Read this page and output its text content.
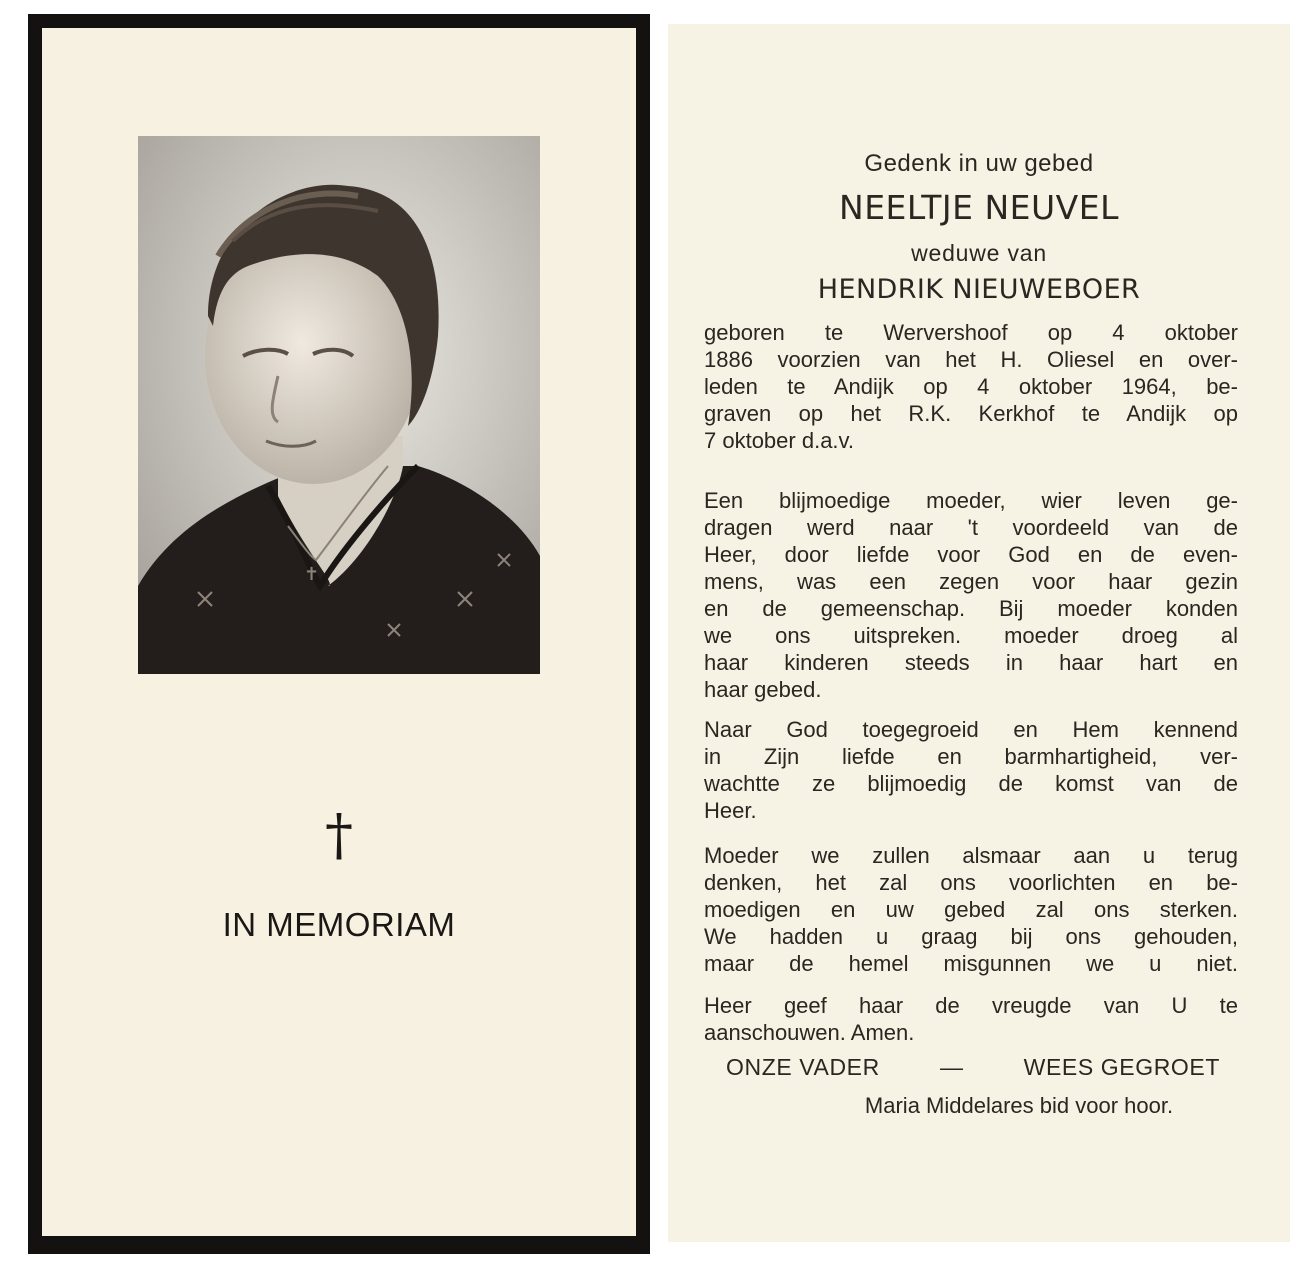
✝
†
IN MEMORIAM
Gedenk in uw gebed
NEELTJE NEUVEL
weduwe van
HENDRIK NIEUWEBOER
geboren te Wervershoof op 4 oktober
1886 voorzien van het H. Oliesel en over-
leden te Andijk op 4 oktober 1964, be-
graven op het R.K. Kerkhof te Andijk op
7 oktober d.a.v.
Een blijmoedige moeder, wier leven ge-
dragen werd naar 't voordeeld van de
Heer, door liefde voor God en de even-
mens, was een zegen voor haar gezin
en de gemeenschap. Bij moeder konden
we ons uitspreken. moeder droeg al
haar kinderen steeds in haar hart en
haar gebed.
Naar God toegegroeid en Hem kennend
in Zijn liefde en barmhartigheid, ver-
wachtte ze blijmoedig de komst van de
Heer.
Moeder we zullen alsmaar aan u terug
denken, het zal ons voorlichten en be-
moedigen en uw gebed zal ons sterken.
We hadden u graag bij ons gehouden,
maar de hemel misgunnen we u niet.
Heer geef haar de vreugde van U te
aanschouwen. Amen.
ONZE VADER	—	WEES GEGROET
Maria Middelares bid voor hoor.
